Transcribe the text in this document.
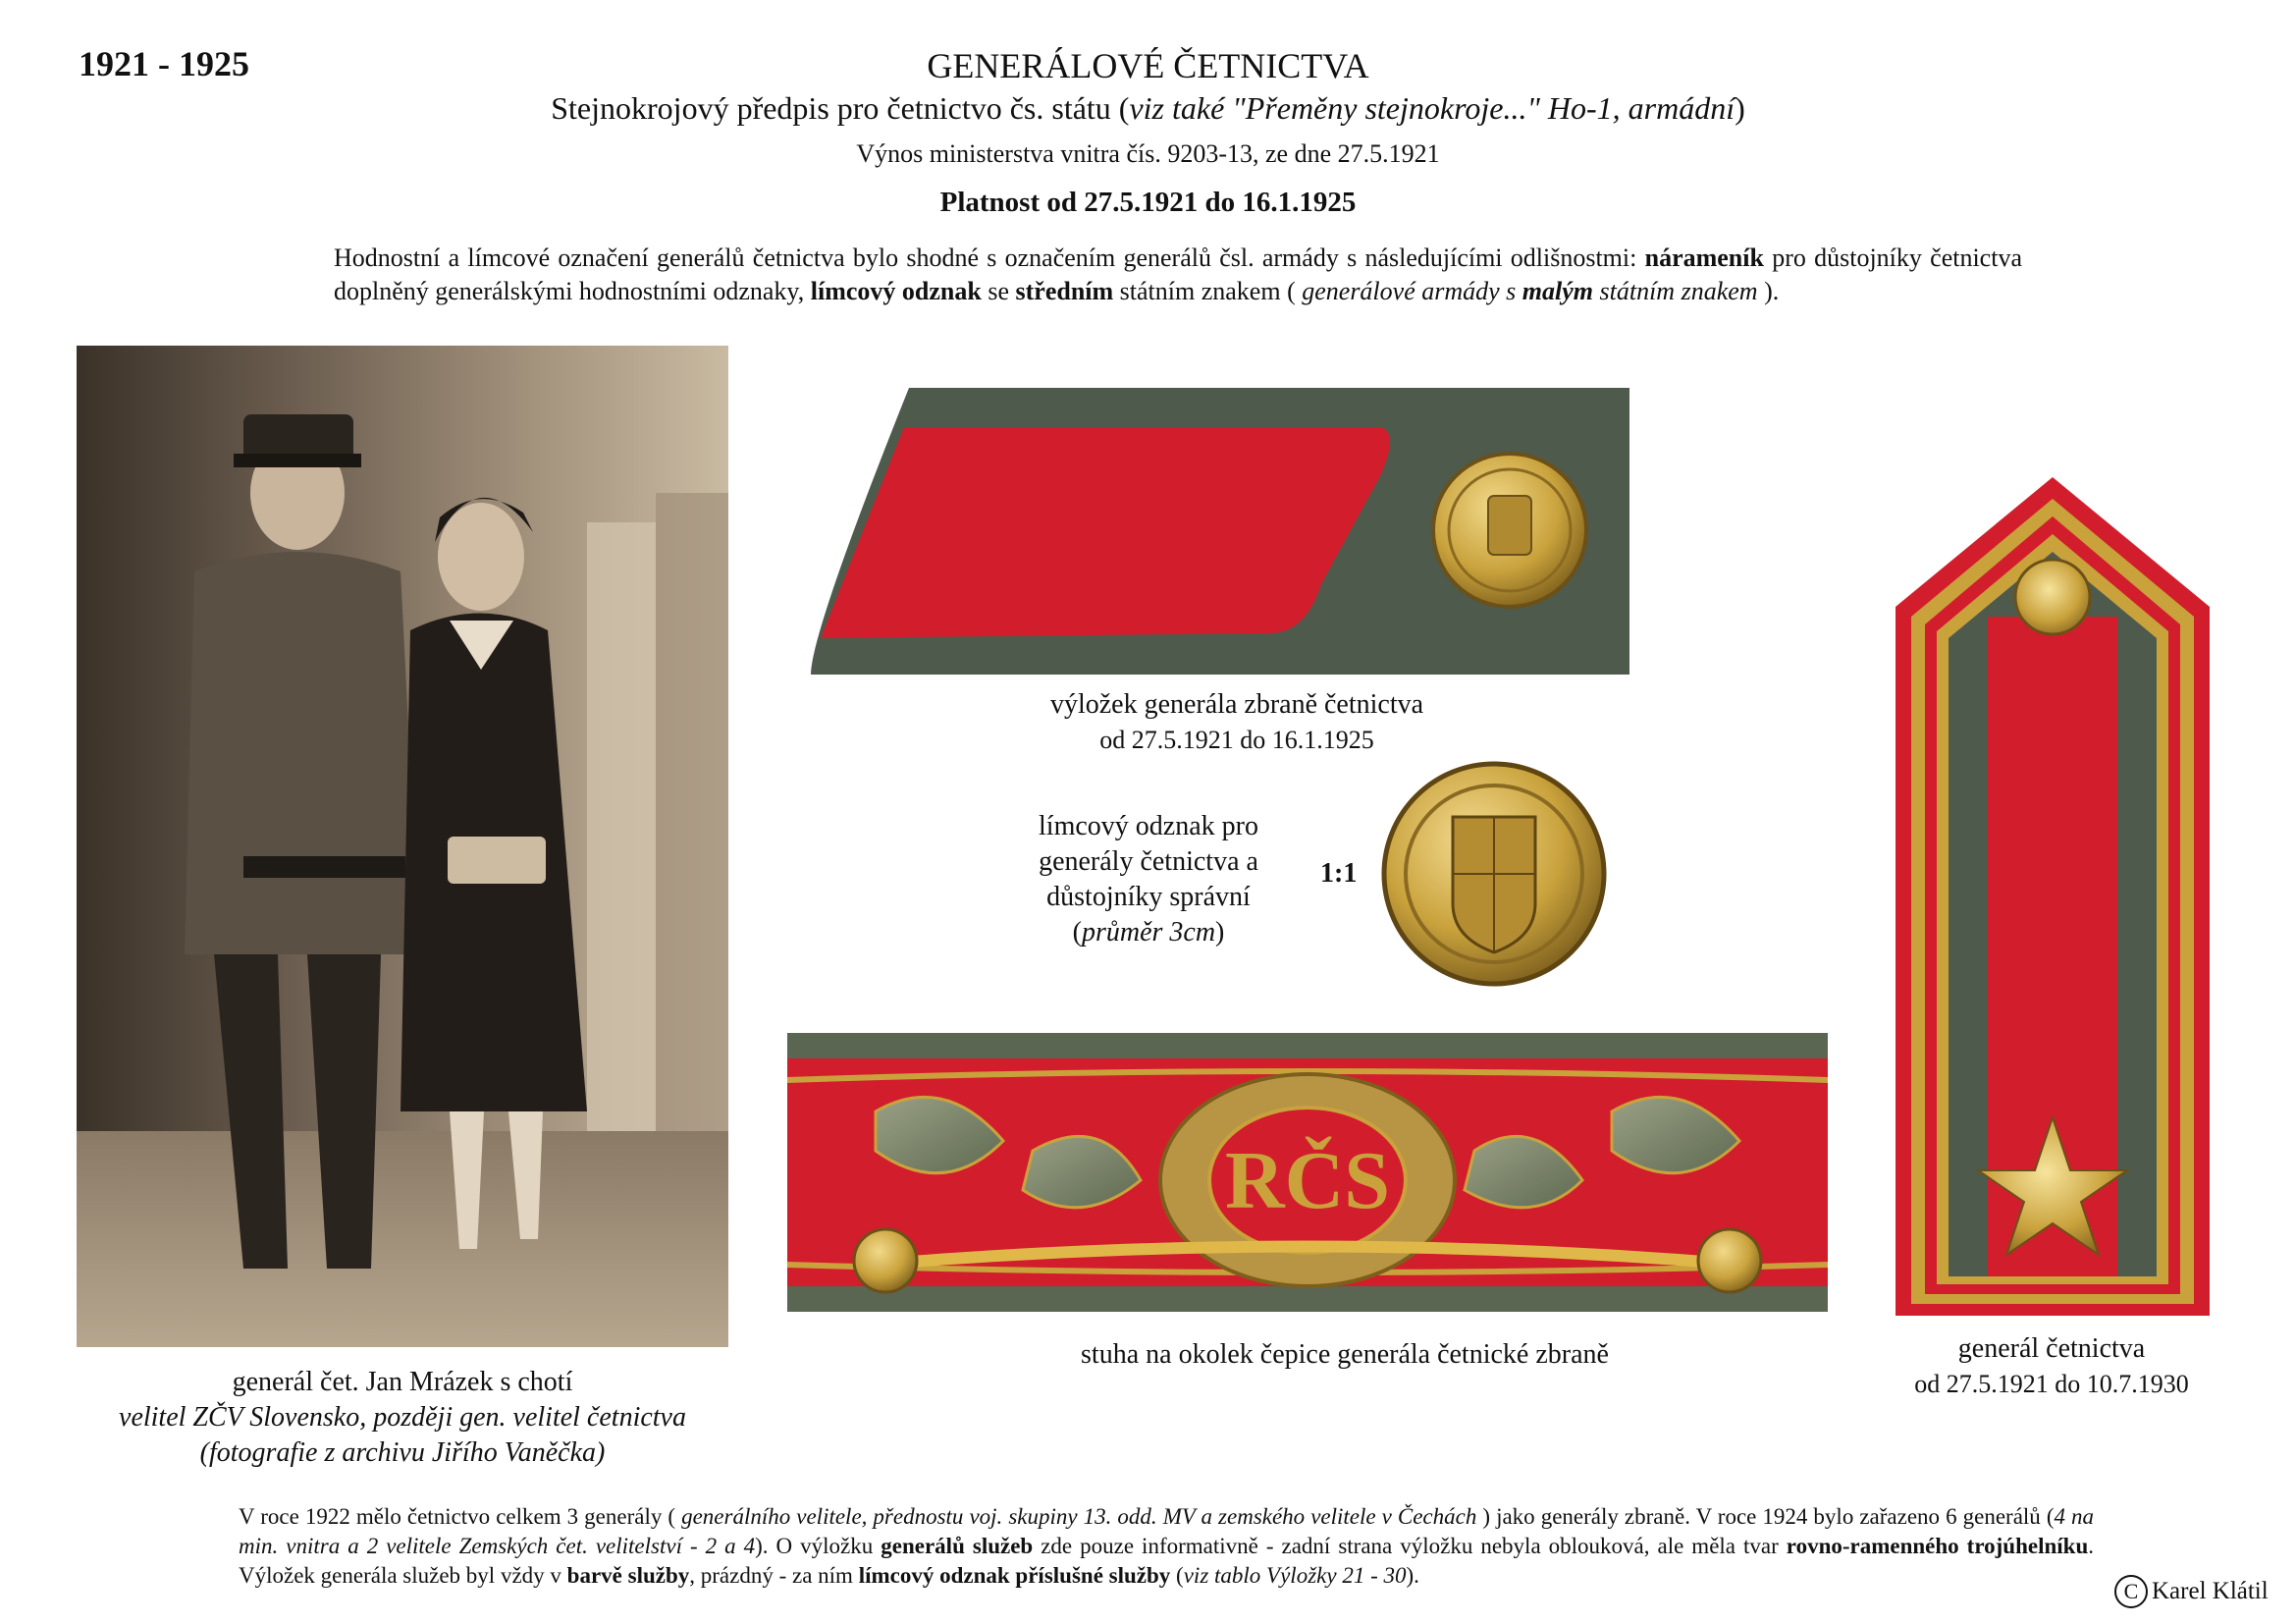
1921 - 1925	GENERÁLOVÉ ČETNICTVA
Stejnokrojový předpis pro četnictvo čs. státu (viz také "Přeměny stejnokroje..." Ho-1, armádní)
Výnos ministerstva vnitra čís. 9203-13, ze dne 27.5.1921
Platnost od 27.5.1921 do 16.1.1925
Hodnostní a límcové označení generálů četnictva bylo shodné s označením generálů čsl. armády s následujícími odlišnostmi: nárameník pro důstojníky četnictva doplněný generálskými hodnostními odznaky, límcový odznak se středním státním znakem ( generálové armády s malým státním znakem ).
generál čet. Jan Mrázek s chotí
velitel ZČV Slovensko, později gen. velitel četnictva
(fotografie z archivu Jiřího Vaněčka)
výložek generála zbraně četnictva
od 27.5.1921 do 16.1.1925
límcový odznak pro
generály četnictva a
důstojníky správní
(průměr 3cm)
1:1
RČS
stuha na okolek čepice generála četnické zbraně	generál četnictva
od 27.5.1921 do 10.7.1930
V roce 1922 mělo četnictvo celkem 3 generály ( generálního velitele, přednostu voj. skupiny 13. odd. MV a zemského velitele v Čechách ) jako generály zbraně. V roce 1924 bylo zařazeno 6 generálů (4 na min. vnitra a 2 velitele Zemských čet. velitelství - 2 a 4). O výložku generálů služeb zde pouze informativně - zadní strana výložku nebyla oblouková, ale měla tvar rovno-ramenného trojúhelníku. Výložek generála služeb byl vždy v barvě služby, prázdný - za ním límcový odznak příslušné služby (viz tablo Výložky 21 - 30).
C Karel Klátil
